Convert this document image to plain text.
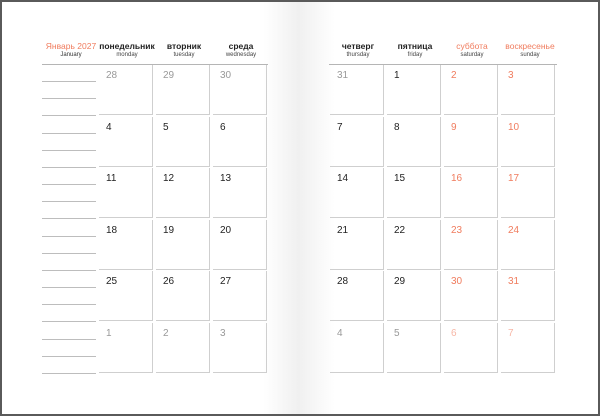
Январь 2027
January
понедельник
monday
вторник
tuesday
среда
wednesday
28	29	30
4	5	6
11	12	13
18	19	20
25	26	27
1	2	3
четверг
thursday
пятница
friday
суббота
saturday
воскресенье
sunday
31	1	2	3
7	8	9	10
14	15	16	17
21	22	23	24
28	29	30	31
4	5	6	7
